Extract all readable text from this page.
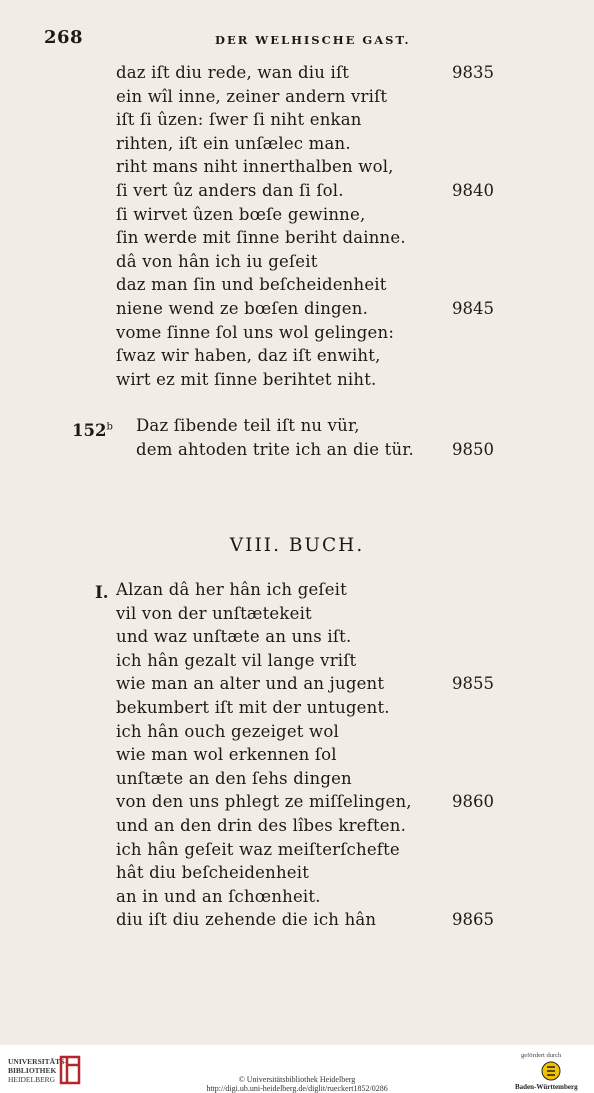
268	DER WELHISCHE GAST.
daz iſt diu rede, wan diu iſt	9835
ein wîl inne, zeiner andern vriſt
iſt ſi ûzen: ſwer ſi niht enkan
rihten, iſt ein unſælec man.
riht mans niht innerthalben wol,
ſi vert ûz anders dan ſi ſol.	9840
ſi wirvet ûzen bœſe gewinne,
ſin werde mit ſinne beriht dainne.
dâ von hân ich iu geſeit
daz man ſin und beſcheidenheit
niene wend ze bœſen dingen.	9845
vome ſinne ſol uns wol gelingen:
ſwaz wir haben, daz iſt enwiht,
wirt ez mit ſinne berihtet niht.
152$^b$ Daz ſibende teil iſt nu vür,
dem ahtoden trite ich an die tür.	9850
VIII. BUCH.
I. Alzan dâ her hân ich geſeit
vil von der unſtætekeit
und waz unſtæte an uns iſt.
ich hân gezalt vil lange vriſt
wie man an alter und an jugent	9855
bekumbert iſt mit der untugent.
ich hân ouch gezeiget wol
wie man wol erkennen ſol
unſtæte an den ſehs dingen
von den uns phlegt ze miſſelingen,	9860
und an den drin des lîbes kreften.
ich hân geſeit waz meiſterſchefte
hât diu beſcheidenheit
an in und an ſchœnheit.
diu iſt diu zehende die ich hân	9865
UNIVERSITÄTS-
BIBLIOTHEK
HEIDELBERG	© Universitätsbibliothek Heidelberg
http://digi.ub.uni-heidelberg.de/diglit/rueckert1852/0286
gefördert durch
Baden-Württemberg
